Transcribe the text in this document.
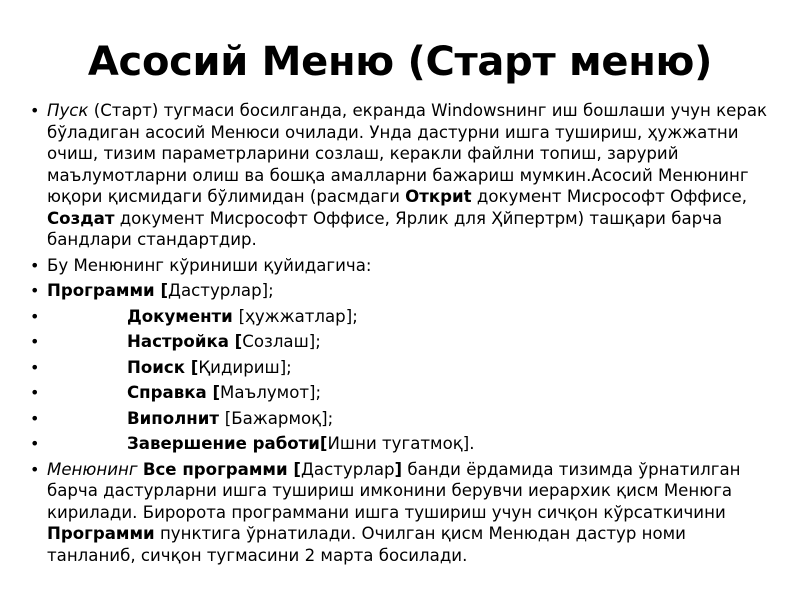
Асосий Меню (Старт меню)
• Пуск (Старт) тугмаси босилганда, екранда Windowsнинг иш бошлаши учун керак бўладиган асосий Менюси очилади. Унда дастурни ишга тушириш, ҳужжатни очиш, тизим параметрларини созлаш, керакли файлни топиш, зарурий маълумотларни олиш ва бошқа амалларни бажариш мумкин.Асосий Менюнинг юқори қисмидаги бўлимидан (расмдаги Откриt документ Мисрософт Оффисе, Создат документ Мисрософт Оффисе, Ярлик для Ҳйпертрм) ташқари барча бандлари стандартдир.
• Бу Менюнинг кўриниши қуйидагича:
• Программи [Дастурлар];
•	Документи [ҳужжатлар];
•	Настройка [Созлаш];
•	Поиск [Қидириш];
•	Справка [Маълумот];
•	Виполнит [Бажармоқ];
•	Завершение работи[Ишни тугатмоқ].
• Менюнинг Все программи [Дастурлар] банди ёрдамида тизимда ўрнатилган барча дастурларни ишга тушириш имконини берувчи иерархик қисм Менюга кирилади. Биророта программани ишга тушириш учун сичқон кўрсаткичини Программи пунктига ўрнатилади. Очилган қисм Менюдан дастур номи танланиб, сичқон тугмасини 2 марта босилади.
